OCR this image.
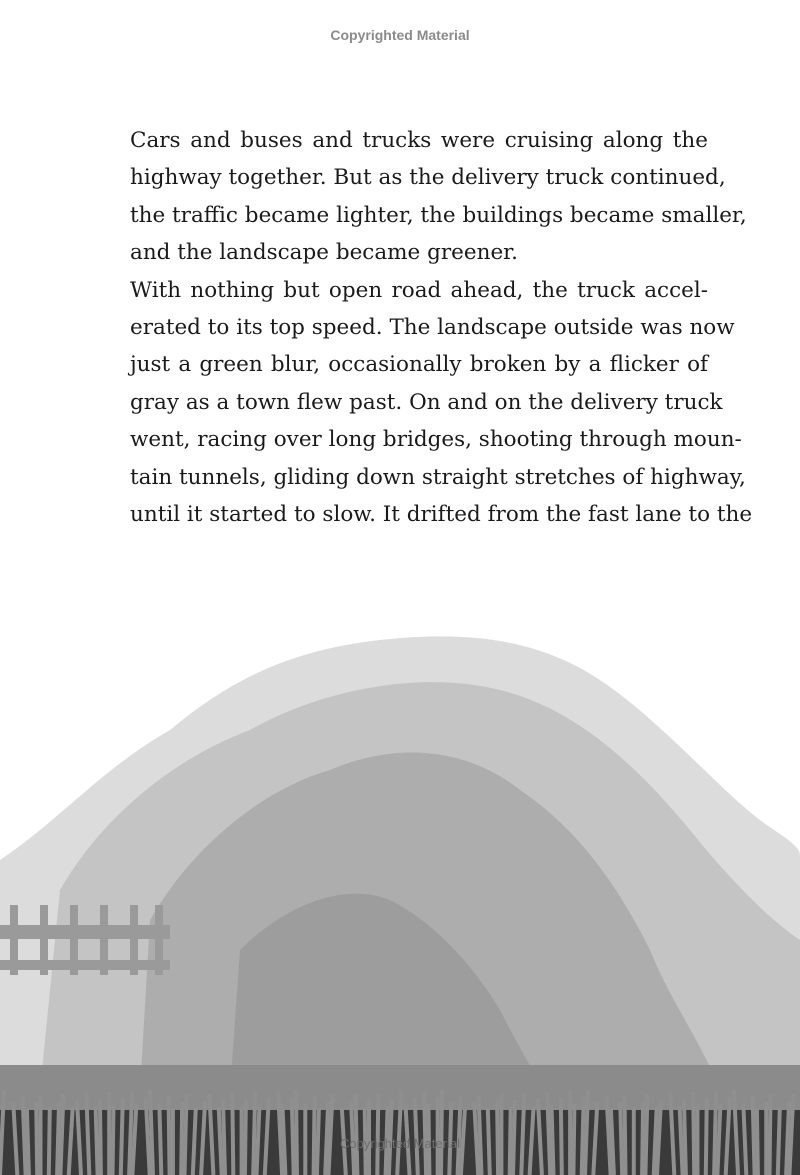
Copyrighted Material

Cars and buses and trucks were cruising along the
highway together. But as the delivery truck continued,
the traffic became lighter, the buildings became smaller,
and the landscape became greener.

With nothing but open road ahead, the truck accel-
erated to its top speed. The landscape outside was now
just a green blur, occasionally broken by a flicker of
gray as a town flew past. On and on the delivery truck
went, racing over long bridges, shooting through moun-
tain tunnels, gliding down straight stretches of highway,
until it started to slow. It drifted from the fast lane to the

Copyrighted Material
